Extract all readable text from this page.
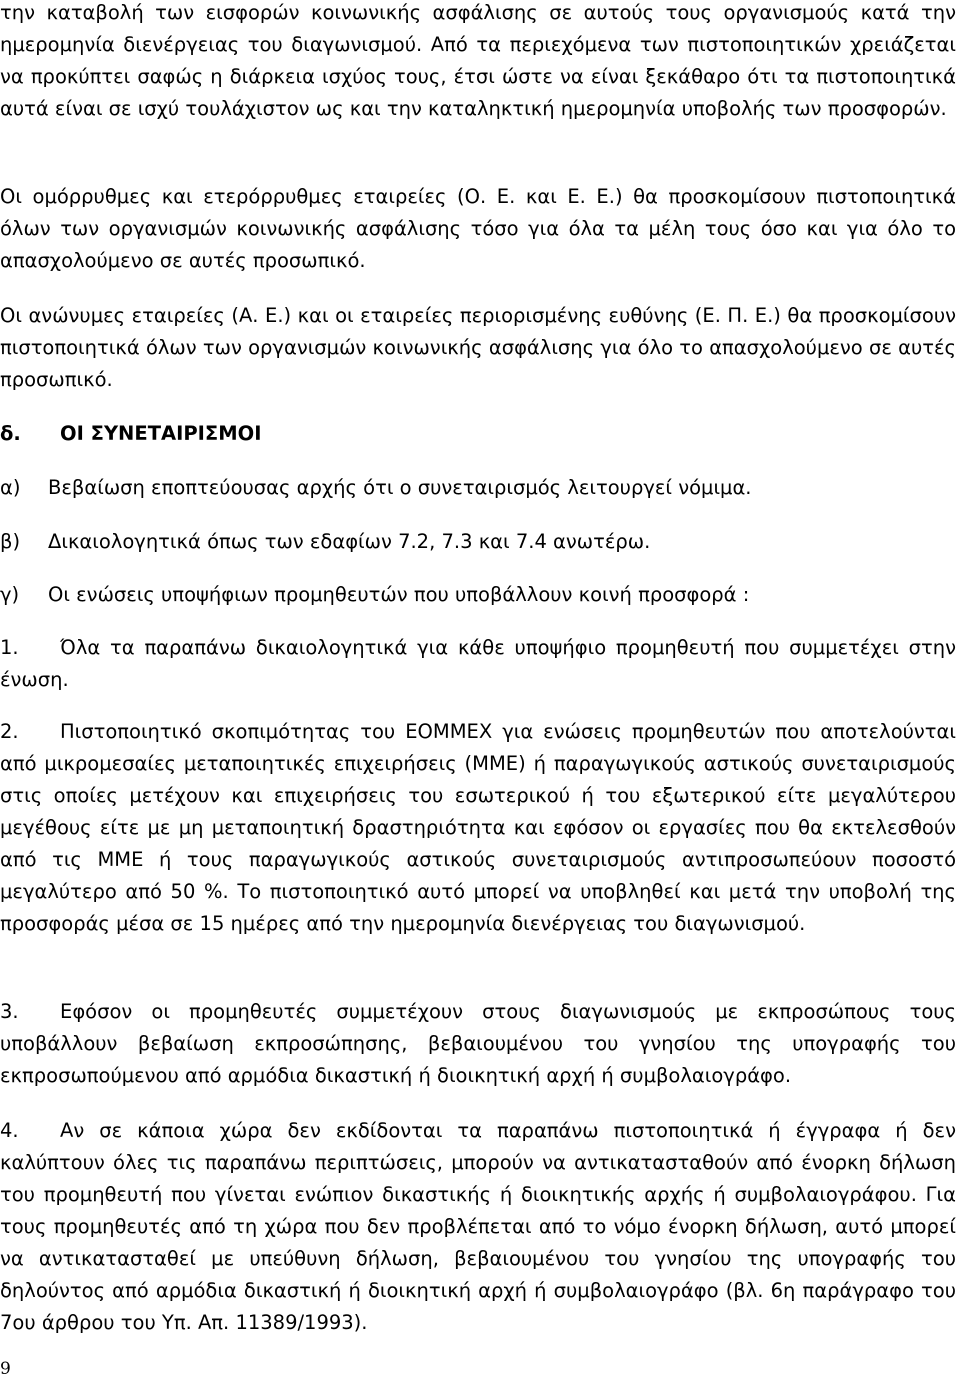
την καταβολή των εισφορών κοινωνικής ασφάλισης σε αυτούς τους οργανισμούς κατά την ημερομηνία διενέργειας του διαγωνισμού. Από τα περιεχόμενα των πιστοποιητικών χρειάζεται να προκύπτει σαφώς η διάρκεια ισχύος τους, έτσι ώστε να είναι ξεκάθαρο ότι τα πιστοποιητικά αυτά είναι σε ισχύ τουλάχιστον ως και την καταληκτική ημερομηνία υποβολής των προσφορών.

Οι ομόρρυθμες και ετερόρρυθμες εταιρείες (Ο. Ε. και Ε. Ε.) θα προσκομίσουν πιστοποιητικά όλων των οργανισμών κοινωνικής ασφάλισης τόσο για όλα τα μέλη τους όσο και για όλο το απασχολούμενο σε αυτές προσωπικό.

Οι ανώνυμες εταιρείες (Α. Ε.) και οι εταιρείες περιορισμένης ευθύνης (Ε. Π. Ε.) θα προσκομίσουν πιστοποιητικά όλων των οργανισμών κοινωνικής ασφάλισης για όλο το απασχολούμενο σε αυτές προσωπικό.

δ. ΟΙ ΣΥΝΕΤΑΙΡΙΣΜΟΙ

α) Βεβαίωση εποπτεύουσας αρχής ότι ο συνεταιρισμός λειτουργεί νόμιμα.

β) Δικαιολογητικά όπως των εδαφίων 7.2, 7.3 και 7.4 ανωτέρω.

γ) Οι ενώσεις υποψήφιων προμηθευτών που υποβάλλουν κοινή προσφορά :

1. Όλα τα παραπάνω δικαιολογητικά για κάθε υποψήφιο προμηθευτή που συμμετέχει στην ένωση.

2. Πιστοποιητικό σκοπιμότητας του ΕΟΜΜΕΧ για ενώσεις προμηθευτών που αποτελούνται από μικρομεσαίες μεταποιητικές επιχειρήσεις (ΜΜΕ) ή παραγωγικούς αστικούς συνεταιρισμούς στις οποίες μετέχουν και επιχειρήσεις του εσωτερικού ή του εξωτερικού είτε μεγαλύτερου μεγέθους είτε με μη μεταποιητική δραστηριότητα και εφόσον οι εργασίες που θα εκτελεσθούν από τις ΜΜΕ ή τους παραγωγικούς αστικούς συνεταιρισμούς αντιπροσωπεύουν ποσοστό μεγαλύτερο από 50 %. Το πιστοποιητικό αυτό μπορεί να υποβληθεί και μετά την υποβολή της προσφοράς μέσα σε 15 ημέρες από την ημερομηνία διενέργειας του διαγωνισμού.

3. Εφόσον οι προμηθευτές συμμετέχουν στους διαγωνισμούς με εκπροσώπους τους υποβάλλουν βεβαίωση εκπροσώπησης, βεβαιουμένου του γνησίου της υπογραφής του εκπροσωπούμενου από αρμόδια δικαστική ή διοικητική αρχή ή συμβολαιογράφο.

4. Αν σε κάποια χώρα δεν εκδίδονται τα παραπάνω πιστοποιητικά ή έγγραφα ή δεν καλύπτουν όλες τις παραπάνω περιπτώσεις, μπορούν να αντικατασταθούν από ένορκη δήλωση του προμηθευτή που γίνεται ενώπιον δικαστικής ή διοικητικής αρχής ή συμβολαιογράφου. Για τους προμηθευτές από τη χώρα που δεν προβλέπεται από το νόμο ένορκη δήλωση, αυτό μπορεί να αντικατασταθεί με υπεύθυνη δήλωση, βεβαιουμένου του γνησίου της υπογραφής του δηλούντος από αρμόδια δικαστική ή διοικητική αρχή ή συμβολαιογράφο (βλ. 6η παράγραφο του 7ου άρθρου του Υπ. Απ. 11389/1993).

9
